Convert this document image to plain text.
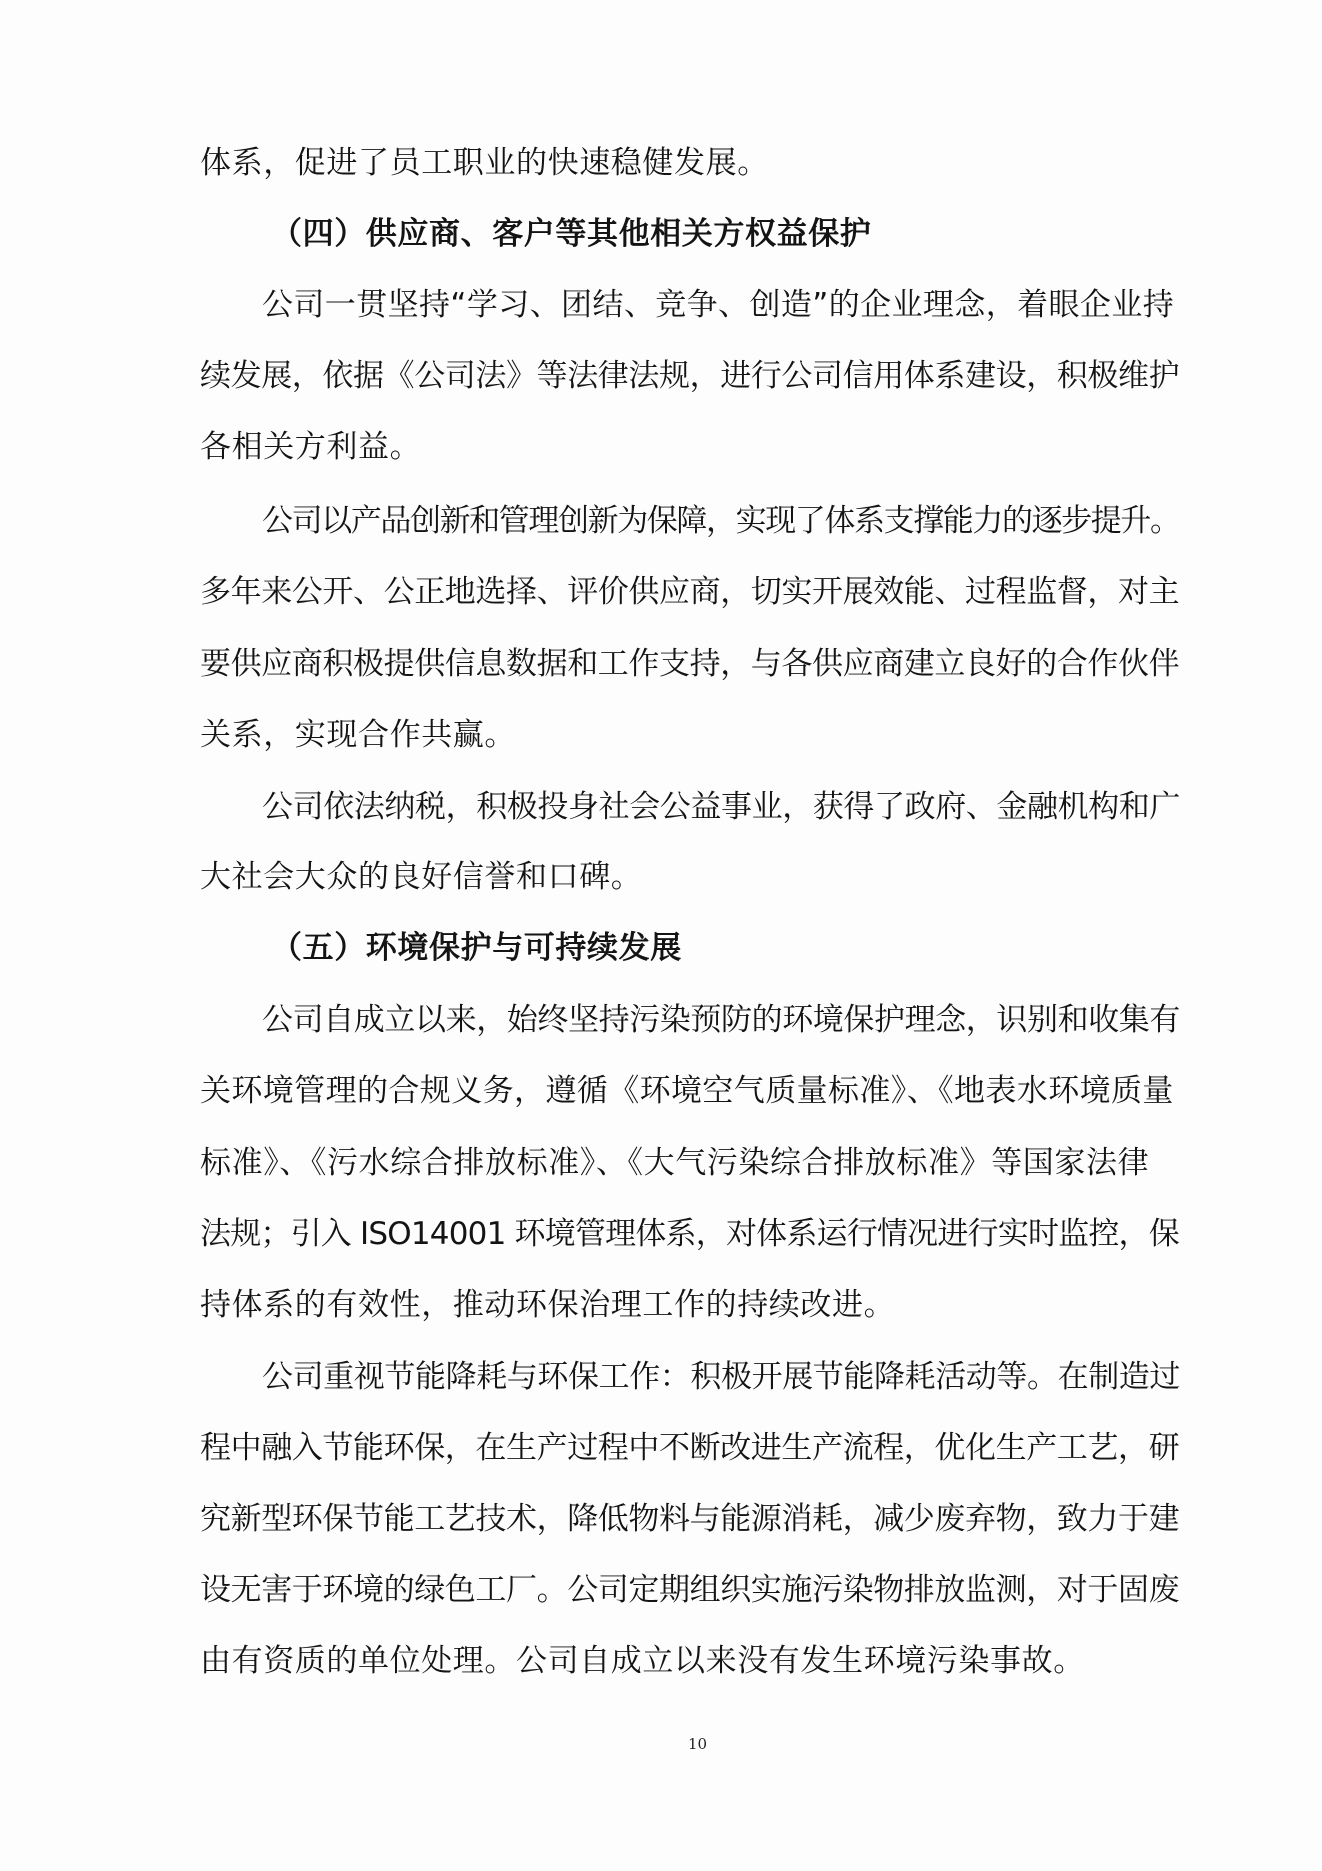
体系，促进了员工职业的快速稳健发展。
（四）供应商、客户等其他相关方权益保护
公司一贯坚持“学习、团结、竞争、创造”的企业理念，着眼企业持
续发展，依据《公司法》等法律法规，进行公司信用体系建设，积极维护
各相关方利益。
公司以产品创新和管理创新为保障，实现了体系支撑能力的逐步提升。
多年来公开、公正地选择、评价供应商，切实开展效能、过程监督，对主
要供应商积极提供信息数据和工作支持，与各供应商建立良好的合作伙伴
关系，实现合作共赢。
公司依法纳税，积极投身社会公益事业，获得了政府、金融机构和广
大社会大众的良好信誉和口碑。
（五）环境保护与可持续发展
公司自成立以来，始终坚持污染预防的环境保护理念，识别和收集有
关环境管理的合规义务，遵循《环境空气质量标准》、《地表水环境质量
标准》、《污水综合排放标准》、《大气污染综合排放标准》等国家法律
法规；引入 ISO14001 环境管理体系，对体系运行情况进行实时监控，保
持体系的有效性，推动环保治理工作的持续改进。
公司重视节能降耗与环保工作：积极开展节能降耗活动等。在制造过
程中融入节能环保，在生产过程中不断改进生产流程，优化生产工艺，研
究新型环保节能工艺技术，降低物料与能源消耗，减少废弃物，致力于建
设无害于环境的绿色工厂。公司定期组织实施污染物排放监测，对于固废
由有资质的单位处理。公司自成立以来没有发生环境污染事故。
10
